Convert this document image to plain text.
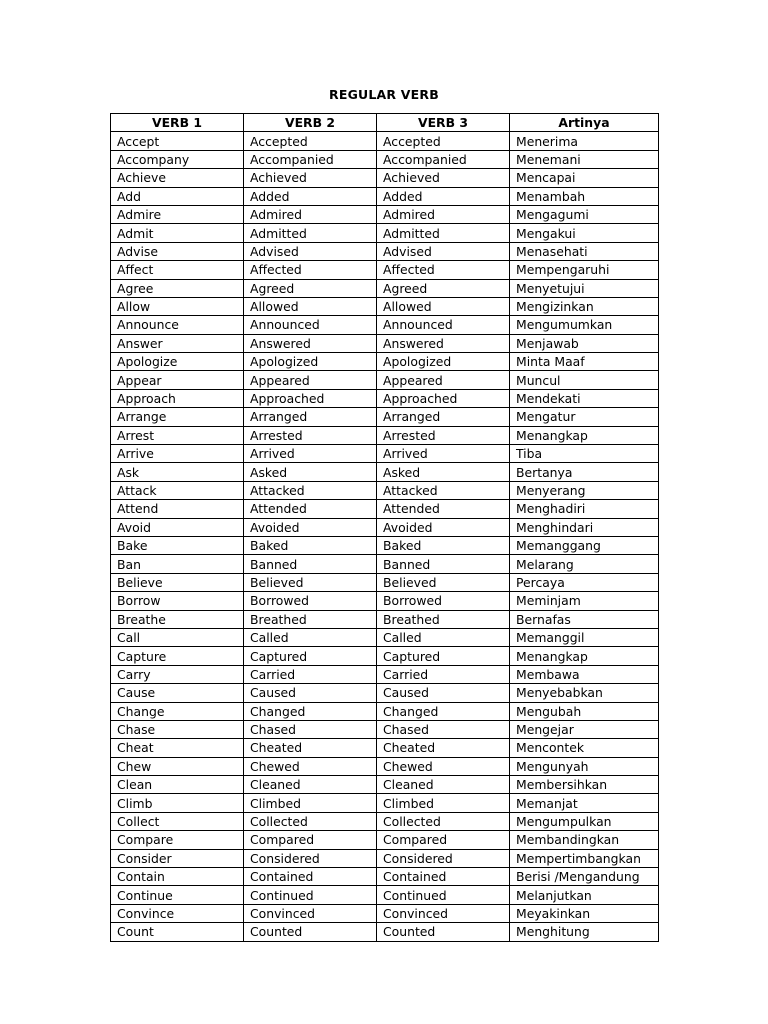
REGULAR VERB
VERB 1	VERB 2	VERB 3	Artinya
Accept	Accepted	Accepted	Menerima
Accompany	Accompanied	Accompanied	Menemani
Achieve	Achieved	Achieved	Mencapai
Add	Added	Added	Menambah
Admire	Admired	Admired	Mengagumi
Admit	Admitted	Admitted	Mengakui
Advise	Advised	Advised	Menasehati
Affect	Affected	Affected	Mempengaruhi
Agree	Agreed	Agreed	Menyetujui
Allow	Allowed	Allowed	Mengizinkan
Announce	Announced	Announced	Mengumumkan
Answer	Answered	Answered	Menjawab
Apologize	Apologized	Apologized	Minta Maaf
Appear	Appeared	Appeared	Muncul
Approach	Approached	Approached	Mendekati
Arrange	Arranged	Arranged	Mengatur
Arrest	Arrested	Arrested	Menangkap
Arrive	Arrived	Arrived	Tiba
Ask	Asked	Asked	Bertanya
Attack	Attacked	Attacked	Menyerang
Attend	Attended	Attended	Menghadiri
Avoid	Avoided	Avoided	Menghindari
Bake	Baked	Baked	Memanggang
Ban	Banned	Banned	Melarang
Believe	Believed	Believed	Percaya
Borrow	Borrowed	Borrowed	Meminjam
Breathe	Breathed	Breathed	Bernafas
Call	Called	Called	Memanggil
Capture	Captured	Captured	Menangkap
Carry	Carried	Carried	Membawa
Cause	Caused	Caused	Menyebabkan
Change	Changed	Changed	Mengubah
Chase	Chased	Chased	Mengejar
Cheat	Cheated	Cheated	Mencontek
Chew	Chewed	Chewed	Mengunyah
Clean	Cleaned	Cleaned	Membersihkan
Climb	Climbed	Climbed	Memanjat
Collect	Collected	Collected	Mengumpulkan
Compare	Compared	Compared	Membandingkan
Consider	Considered	Considered	Mempertimbangkan
Contain	Contained	Contained	Berisi /Mengandung
Continue	Continued	Continued	Melanjutkan
Convince	Convinced	Convinced	Meyakinkan
Count	Counted	Counted	Menghitung
